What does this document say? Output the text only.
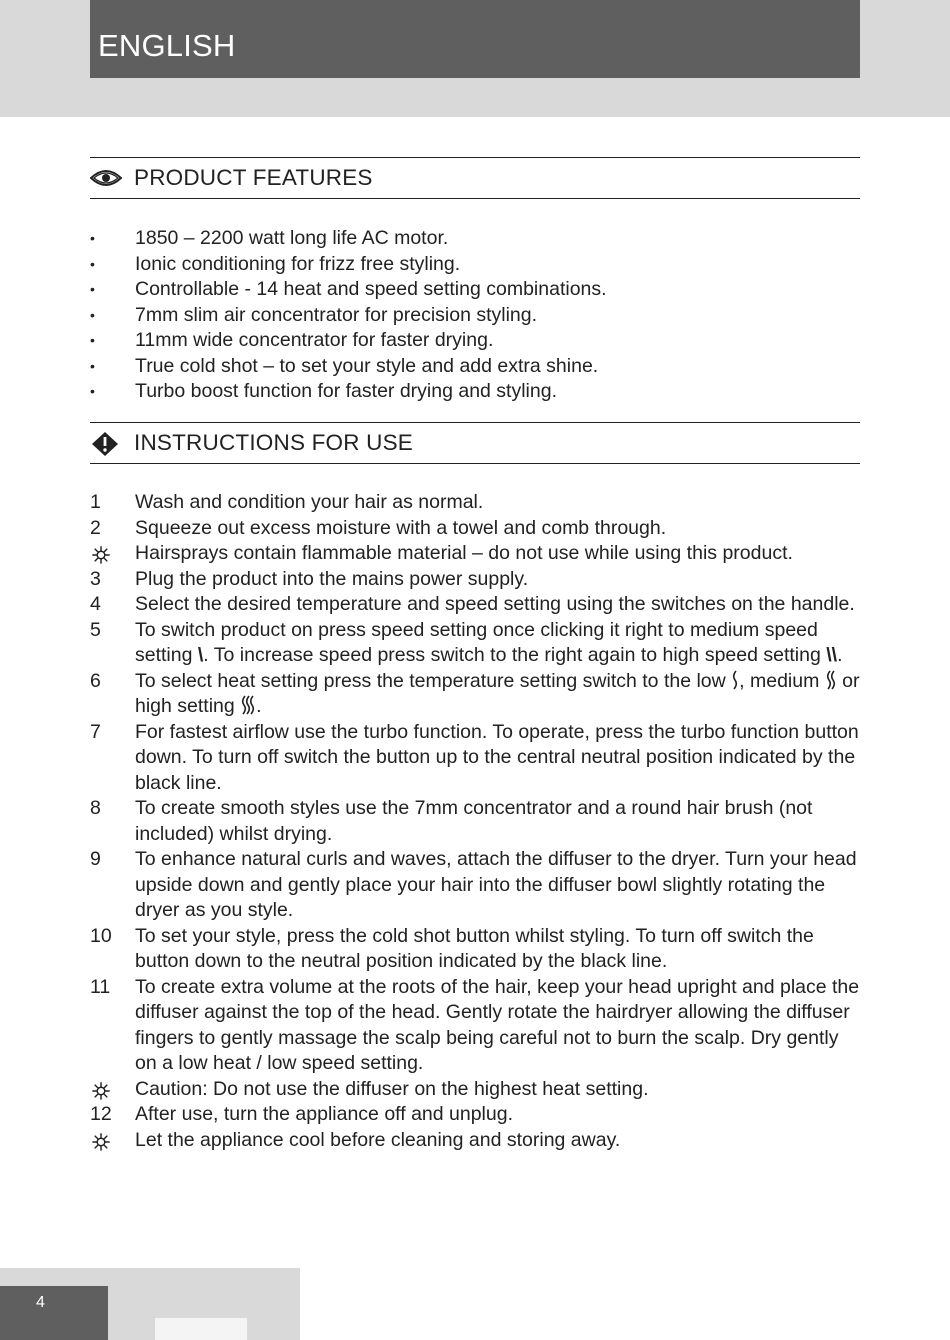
ENGLISH
PRODUCT FEATURES
• 1850 – 2200 watt long life AC motor.
• Ionic conditioning for frizz free styling.
• Controllable - 14 heat and speed setting combinations.
• 7mm slim air concentrator for precision styling.
• 11mm wide concentrator for faster drying.
• True cold shot – to set your style and add extra shine.
• Turbo boost function for faster drying and styling.
INSTRUCTIONS FOR USE
1	Wash and condition your hair as normal.
2	Squeeze out excess moisture with a towel and comb through.
Hairsprays contain flammable material – do not use while using this product.
3	Plug the product into the mains power supply.
4	Select the desired temperature and speed setting using the switches on the handle.
5	To switch product on press speed setting once clicking it right to medium speed setting \. To increase speed press switch to the right again to high speed setting \\.
6	To select heat setting press the temperature setting switch to the low , medium  or high setting .
7	For fastest airflow use the turbo function. To operate, press the turbo function button down. To turn off switch the button up to the central neutral position indicated by the black line.
8	To create smooth styles use the 7mm concentrator and a round hair brush (not included) whilst drying.
9	To enhance natural curls and waves, attach the diffuser to the dryer. Turn your head upside down and gently place your hair into the diffuser bowl slightly rotating the dryer as you style.
10	To set your style, press the cold shot button whilst styling. To turn off switch the button down to the neutral position indicated by the black line.
11	To create extra volume at the roots of the hair, keep your head upright and place the diffuser against the top of the head. Gently rotate the hairdryer allowing the diffuser fingers to gently massage the scalp being careful not to burn the scalp. Dry gently on a low heat / low speed setting.
Caution: Do not use the diffuser on the highest heat setting.
12	After use, turn the appliance off and unplug.
Let the appliance cool before cleaning and storing away.
4
